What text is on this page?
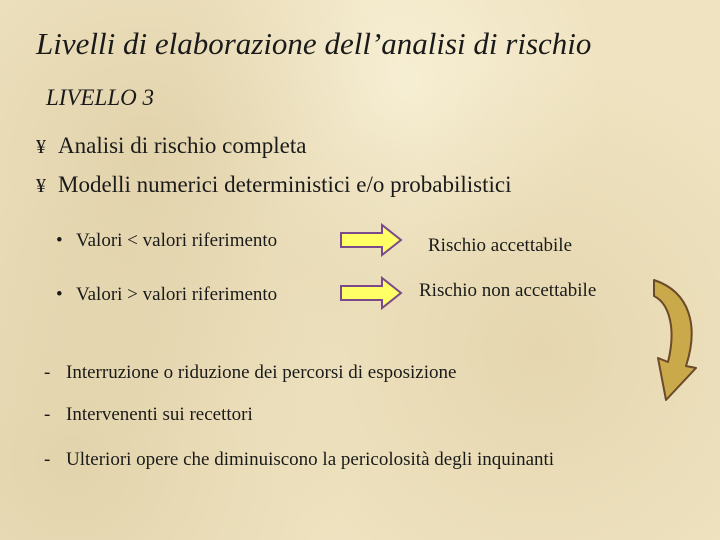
Livelli di elaborazione dell’analisi di rischio
LIVELLO 3
¥ Analisi di rischio completa
¥ Modelli numerici deterministici e/o probabilistici
• Valori < valori riferimento
• Valori > valori riferimento
Rischio accettabile
Rischio non accettabile
- Interruzione o riduzione dei percorsi di esposizione
- Intervenenti sui recettori
- Ulteriori opere che diminuiscono la pericolosità degli inquinanti
